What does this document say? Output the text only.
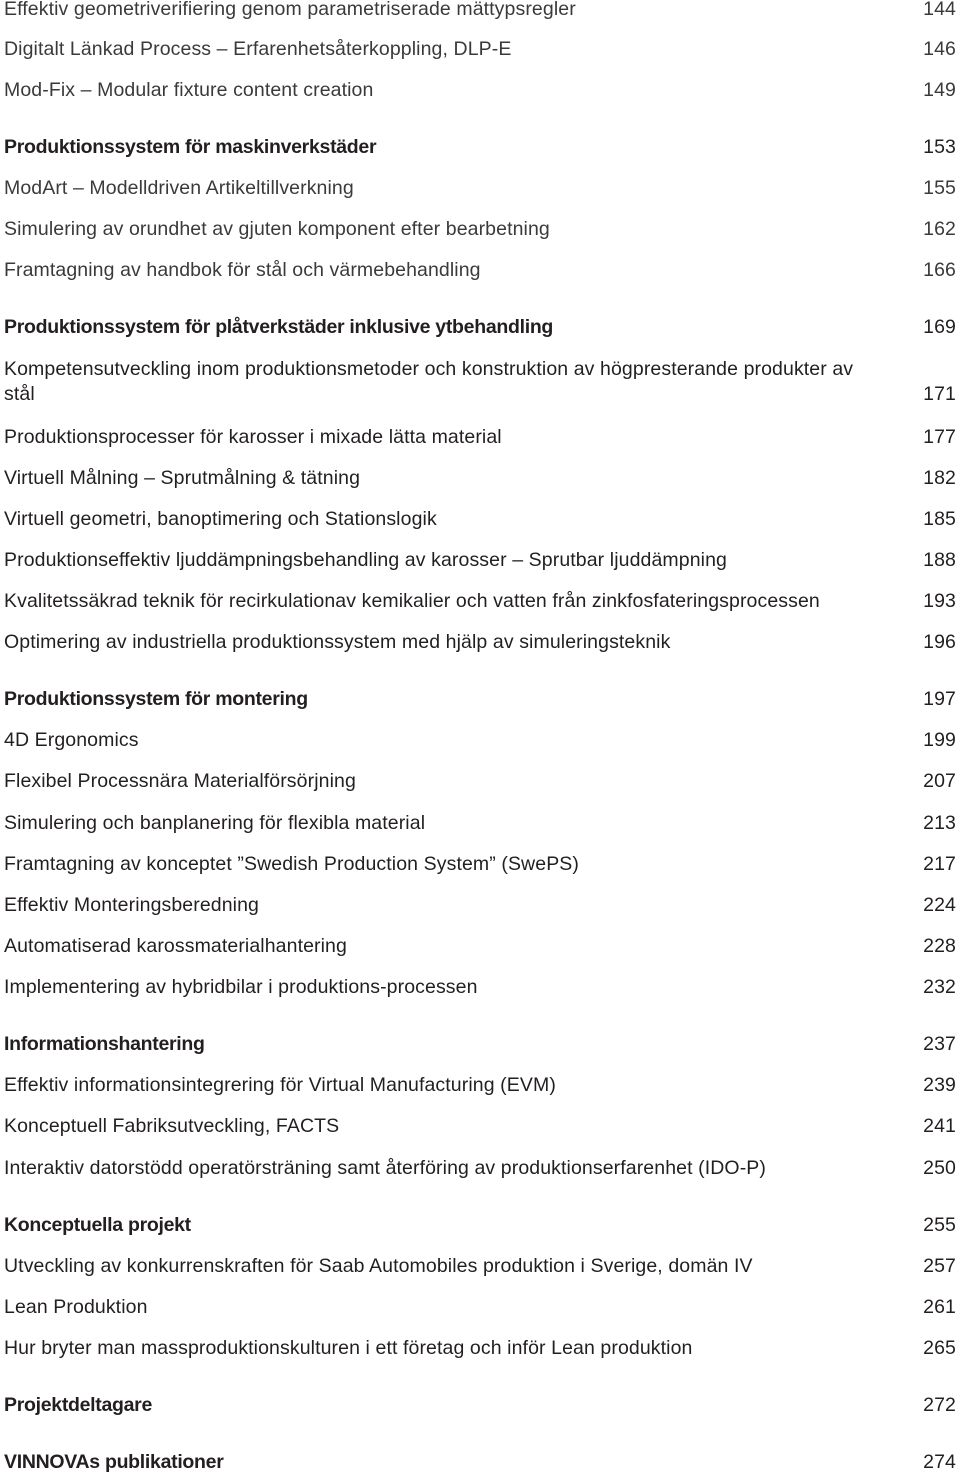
Effektiv geometriverifiering genom parametriserade mättypsregler	144
Digitalt Länkad Process – Erfarenhetsåterkoppling, DLP-E	146
Mod-Fix – Modular fixture content creation	149
Produktionssystem för maskinverkstäder	153
ModArt – Modelldriven Artikeltillverkning	155
Simulering av orundhet av gjuten komponent efter bearbetning	162
Framtagning av handbok för stål och värmebehandling	166
Produktionssystem för plåtverkstäder inklusive ytbehandling	169
Kompetensutveckling inom produktionsmetoder och konstruktion av högpresterande produkter av stål	171
Produktionsprocesser för karosser i mixade lätta material	177
Virtuell Målning – Sprutmålning & tätning	182
Virtuell geometri, banoptimering och Stationslogik	185
Produktionseffektiv ljuddämpningsbehandling av karosser – Sprutbar ljuddämpning	188
Kvalitetssäkrad teknik för recirkulationav kemikalier och vatten från zinkfosfateringsprocessen	193
Optimering av industriella produktionssystem med hjälp av simuleringsteknik	196
Produktionssystem för montering	197
4D Ergonomics	199
Flexibel Processnära Materialförsörjning	207
Simulering och banplanering för flexibla material	213
Framtagning av konceptet ”Swedish Production System” (SwePS)	217
Effektiv Monteringsberedning	224
Automatiserad karossmaterialhantering	228
Implementering av hybridbilar i produktions-processen	232
Informationshantering	237
Effektiv informationsintegrering för Virtual Manufacturing (EVM)	239
Konceptuell Fabriksutveckling, FACTS	241
Interaktiv datorstödd operatörsträning samt återföring av produktionserfarenhet (IDO-P)	250
Konceptuella projekt	255
Utveckling av konkurrenskraften för Saab Automobiles produktion i Sverige, domän IV	257
Lean Produktion	261
Hur bryter man massproduktionskulturen i ett företag och inför Lean produktion	265
Projektdeltagare	272
VINNOVAs publikationer	274
